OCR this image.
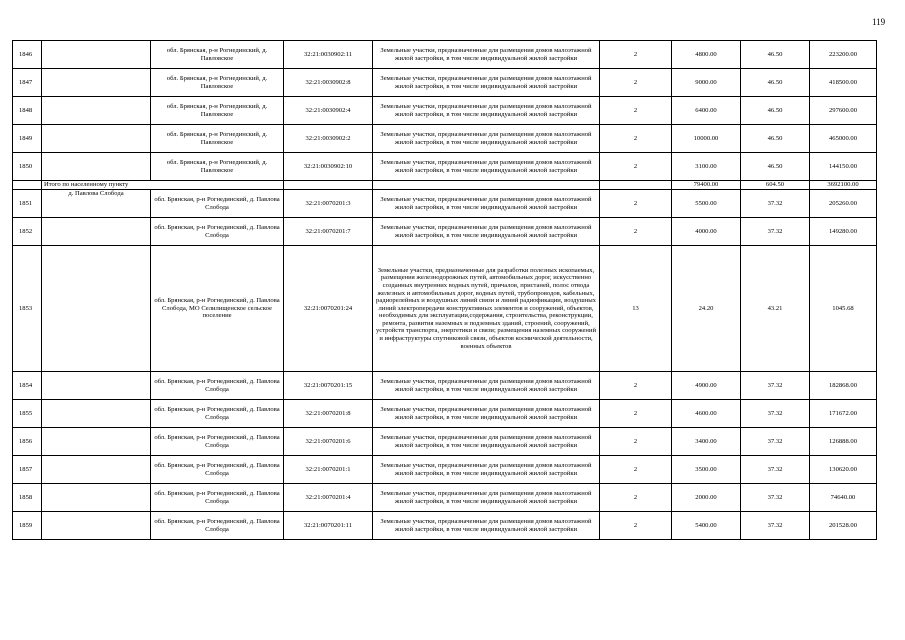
119
1846		обл. Брянская, р-н Рогнединский, д. Павловское	32:21:0030902:11	Земельные участки, предназначенные для размещения домов малоэтажной жилой застройки, в том числе индивидуальной жилой застройки	2	4800.00	46.50	223200.00
1847		обл. Брянская, р-н Рогнединский, д. Павловское	32:21:0030902:8	Земельные участки, предназначенные для размещения домов малоэтажной жилой застройки, в том числе индивидуальной жилой застройки	2	9000.00	46.50	418500.00
1848		обл. Брянская, р-н Рогнединский, д. Павловское	32:21:0030902:4	Земельные участки, предназначенные для размещения домов малоэтажной жилой застройки, в том числе индивидуальной жилой застройки	2	6400.00	46.50	297600.00
1849		обл. Брянская, р-н Рогнединский, д. Павловское	32:21:0030902:2	Земельные участки, предназначенные для размещения домов малоэтажной жилой застройки, в том числе индивидуальной жилой застройки	2	10000.00	46.50	465000.00
1850		обл. Брянская, р-н Рогнединский, д. Павловское	32:21:0030902:10	Земельные участки, предназначенные для размещения домов малоэтажной жилой застройки, в том числе индивидуальной жилой застройки	2	3100.00	46.50	144150.00
	Итого по населенному пункту					79400.00	604.50	3692100.00
1851	д. Павлова Слобода	обл. Брянская, р-н Рогнединский, д. Павлова Слобода	32:21:0070201:3	Земельные участки, предназначенные для размещения домов малоэтажной жилой застройки, в том числе индивидуальной жилой застройки	2	5500.00	37.32	205260.00
1852		обл. Брянская, р-н Рогнединский, д. Павлова Слобода	32:21:0070201:7	Земельные участки, предназначенные для размещения домов малоэтажной жилой застройки, в том числе индивидуальной жилой застройки	2	4000.00	37.32	149280.00
1853		обл. Брянская, р-н Рогнединский, д. Павлова Слобода, МО Селилищенское сельское поселение	32:21:0070201:24	Земельные участки, предназначенные для разработки полезных ископаемых, размещения железнодорожных путей, автомобильных дорог, искусственно созданных внутренних водных путей, причалов, пристаней, полос отвода железных и автомобильных дорог, водных путей, трубопроводов, кабельных, радиорелейных и воздушных линий связи и линий радиофикации, воздушных линий электропередачи конструктивных элементов и сооружений, объектов, необходимых для эксплуатации,содержания, строительства, реконструкции, ремонта, развития наземных и подземных зданий, строений, сооружений, устройств транспорта, энергетики и связи; размещения наземных сооружений и инфраструктуры спутниковой связи, объектов космической деятельности, военных объектов	13	24.20	43.21	1045.68
1854		обл. Брянская, р-н Рогнединский, д. Павлова Слобода	32:21:0070201:15	Земельные участки, предназначенные для размещения домов малоэтажной жилой застройки, в том числе индивидуальной жилой застройки	2	4900.00	37.32	182868.00
1855		обл. Брянская, р-н Рогнединский, д. Павлова Слобода	32:21:0070201:8	Земельные участки, предназначенные для размещения домов малоэтажной жилой застройки, в том числе индивидуальной жилой застройки	2	4600.00	37.32	171672.00
1856		обл. Брянская, р-н Рогнединский, д. Павлова Слобода	32:21:0070201:6	Земельные участки, предназначенные для размещения домов малоэтажной жилой застройки, в том числе индивидуальной жилой застройки	2	3400.00	37.32	126888.00
1857		обл. Брянская, р-н Рогнединский, д. Павлова Слобода	32:21:0070201:1	Земельные участки, предназначенные для размещения домов малоэтажной жилой застройки, в том числе индивидуальной жилой застройки	2	3500.00	37.32	130620.00
1858		обл. Брянская, р-н Рогнединский, д. Павлова Слобода	32:21:0070201:4	Земельные участки, предназначенные для размещения домов малоэтажной жилой застройки, в том числе индивидуальной жилой застройки	2	2000.00	37.32	74640.00
1859		обл. Брянская, р-н Рогнединский, д. Павлова Слобода	32:21:0070201:11	Земельные участки, предназначенные для размещения домов малоэтажной жилой застройки, в том числе индивидуальной жилой застройки	2	5400.00	37.32	201528.00
